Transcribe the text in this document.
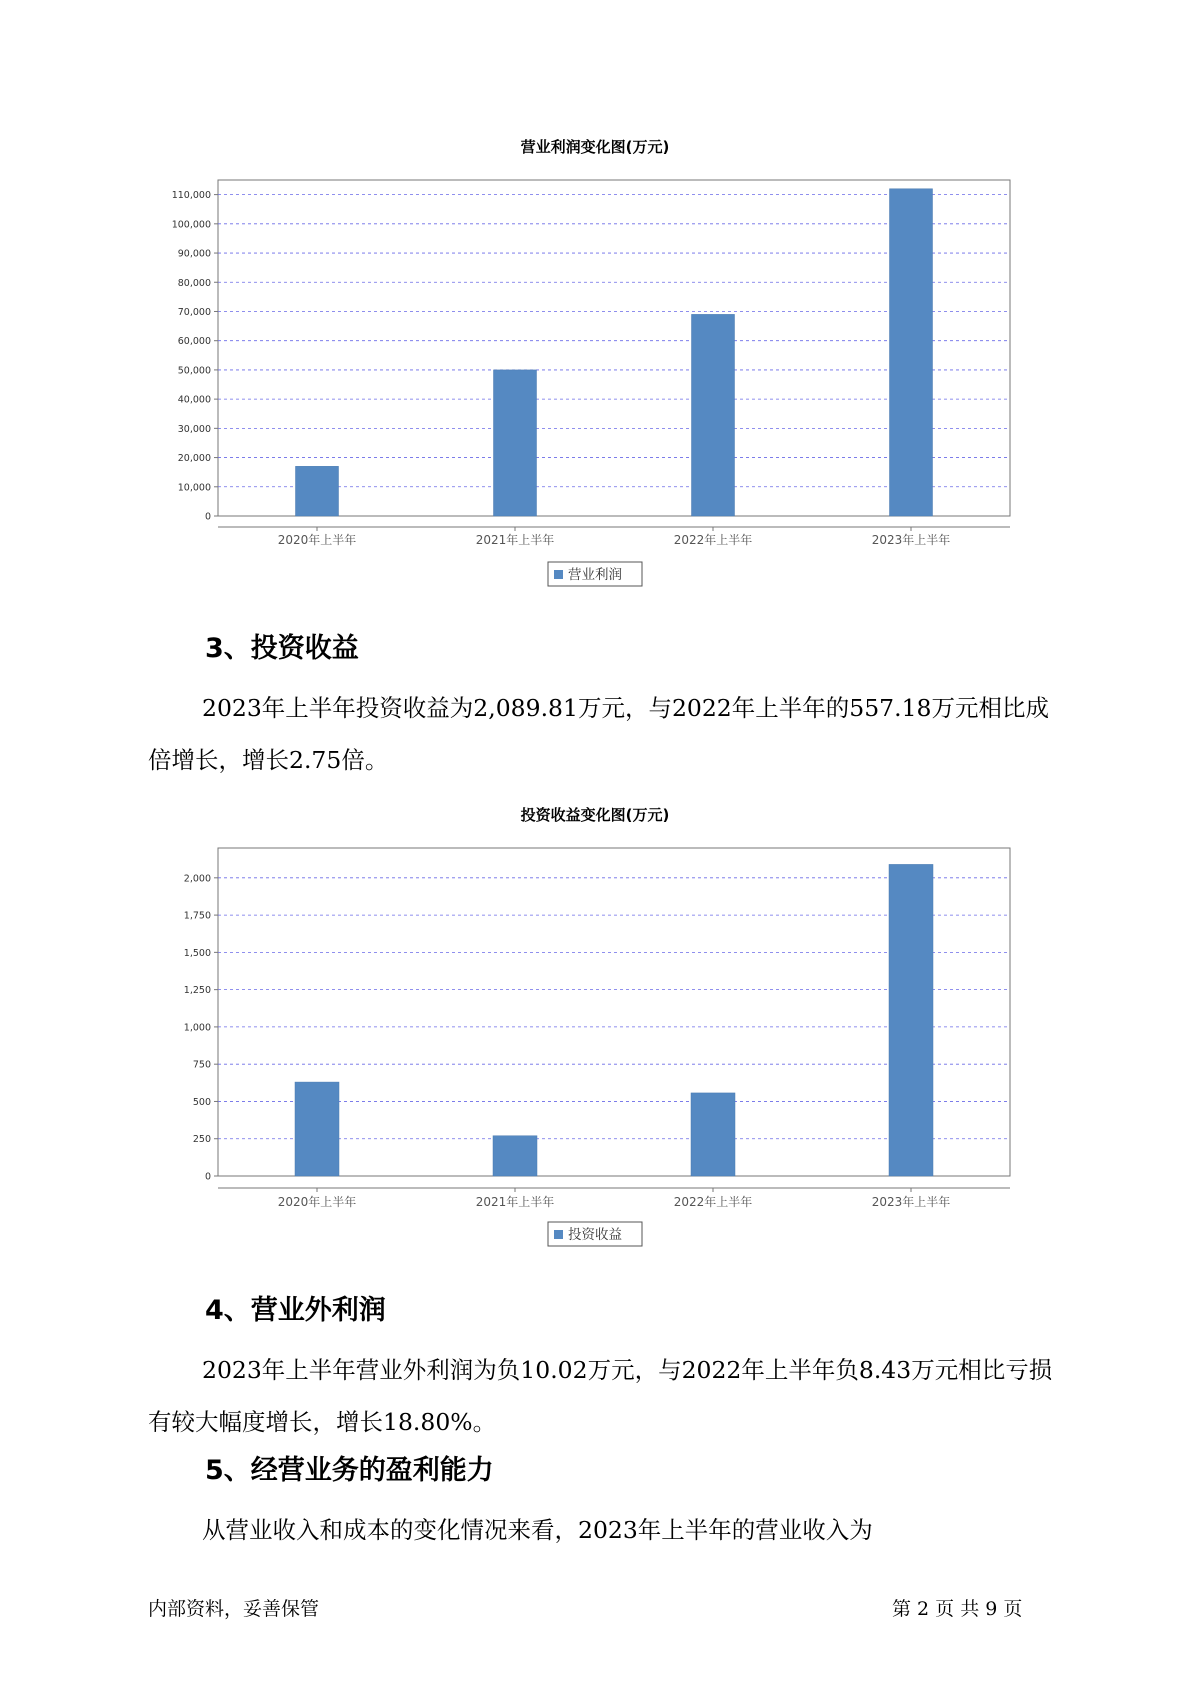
营业利润变化图(万元)
0
10,000
20,000
30,000
40,000
50,000
60,000
70,000
80,000
90,000
100,000
110,000
2020年上半年	2021年上半年	2022年上半年	2023年上半年
营业利润
3、投资收益

2023年上半年投资收益为2,089.81万元，与2022年上半年的557.18万元相比成倍增长，增长2.75倍。

投资收益变化图(万元)
0
250
500
750
1,000
1,250
1,500
1,750
2,000
2020年上半年	2021年上半年	2022年上半年	2023年上半年
投资收益
4、营业外利润

2023年上半年营业外利润为负10.02万元，与2022年上半年负8.43万元相比亏损有较大幅度增长，增长18.80%。

5、经营业务的盈利能力

从营业收入和成本的变化情况来看，2023年上半年的营业收入为

内部资料，妥善保管	第 2 页 共 9 页
